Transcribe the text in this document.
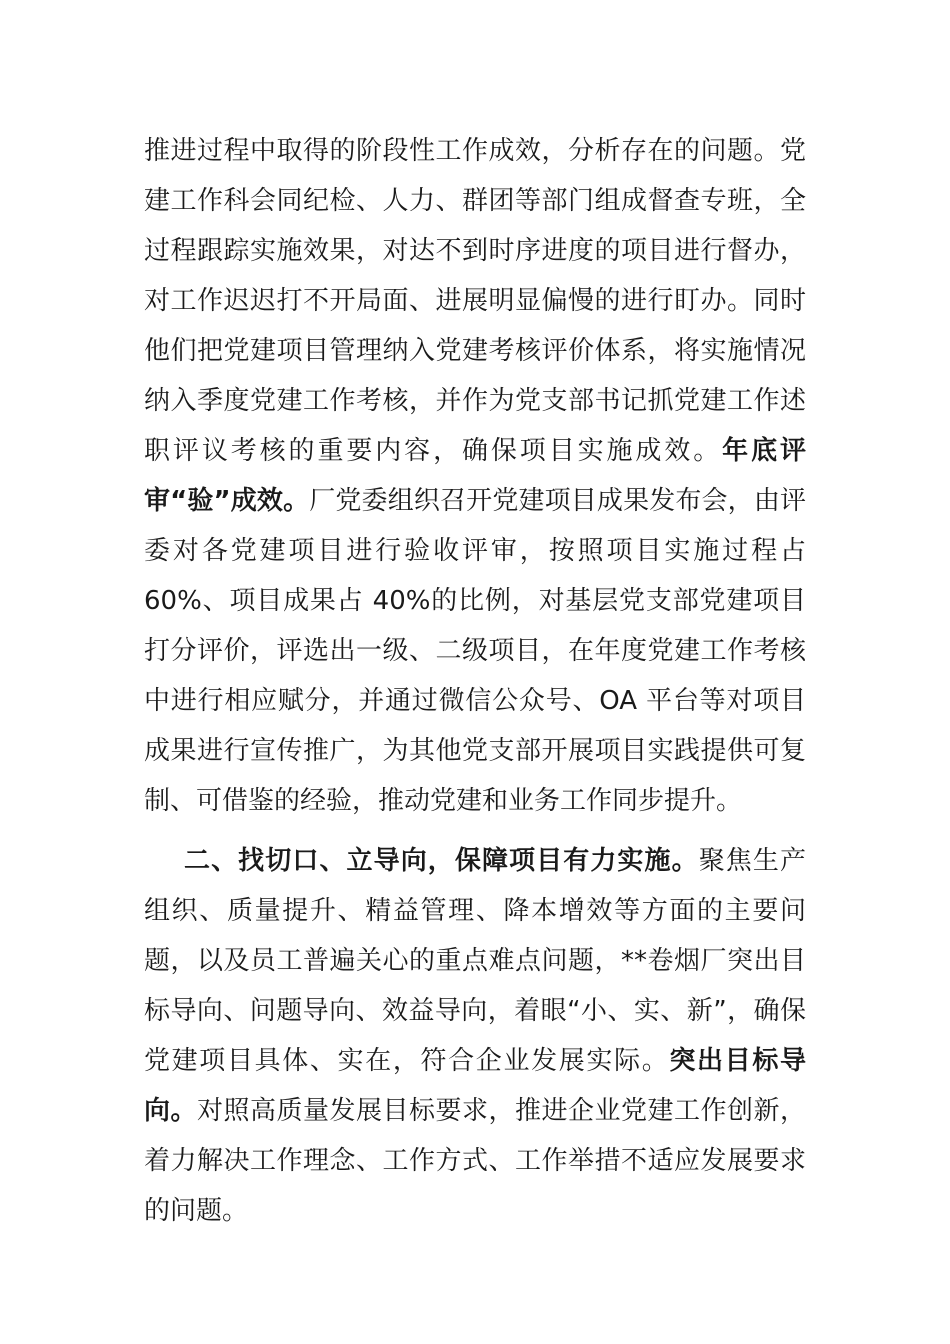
推进过程中取得的阶段性工作成效，分析存在的问题。党建工作科会同纪检、人力、群团等部门组成督查专班，全过程跟踪实施效果，对达不到时序进度的项目进行督办，对工作迟迟打不开局面、进展明显偏慢的进行盯办。同时他们把党建项目管理纳入党建考核评价体系，将实施情况纳入季度党建工作考核，并作为党支部书记抓党建工作述职评议考核的重要内容，确保项目实施成效。年底评审“验”成效。厂党委组织召开党建项目成果发布会，由评委对各党建项目进行验收评审，按照项目实施过程占 60%、项目成果占 40%的比例，对基层党支部党建项目打分评价，评选出一级、二级项目，在年度党建工作考核中进行相应赋分，并通过微信公众号、OA 平台等对项目成果进行宣传推广，为其他党支部开展项目实践提供可复制、可借鉴的经验，推动党建和业务工作同步提升。

二、找切口、立导向，保障项目有力实施。聚焦生产组织、质量提升、精益管理、降本增效等方面的主要问题，以及员工普遍关心的重点难点问题，**卷烟厂突出目标导向、问题导向、效益导向，着眼“小、实、新”，确保党建项目具体、实在，符合企业发展实际。突出目标导向。对照高质量发展目标要求，推进企业党建工作创新，着力解决工作理念、工作方式、工作举措不适应发展要求的问题。
